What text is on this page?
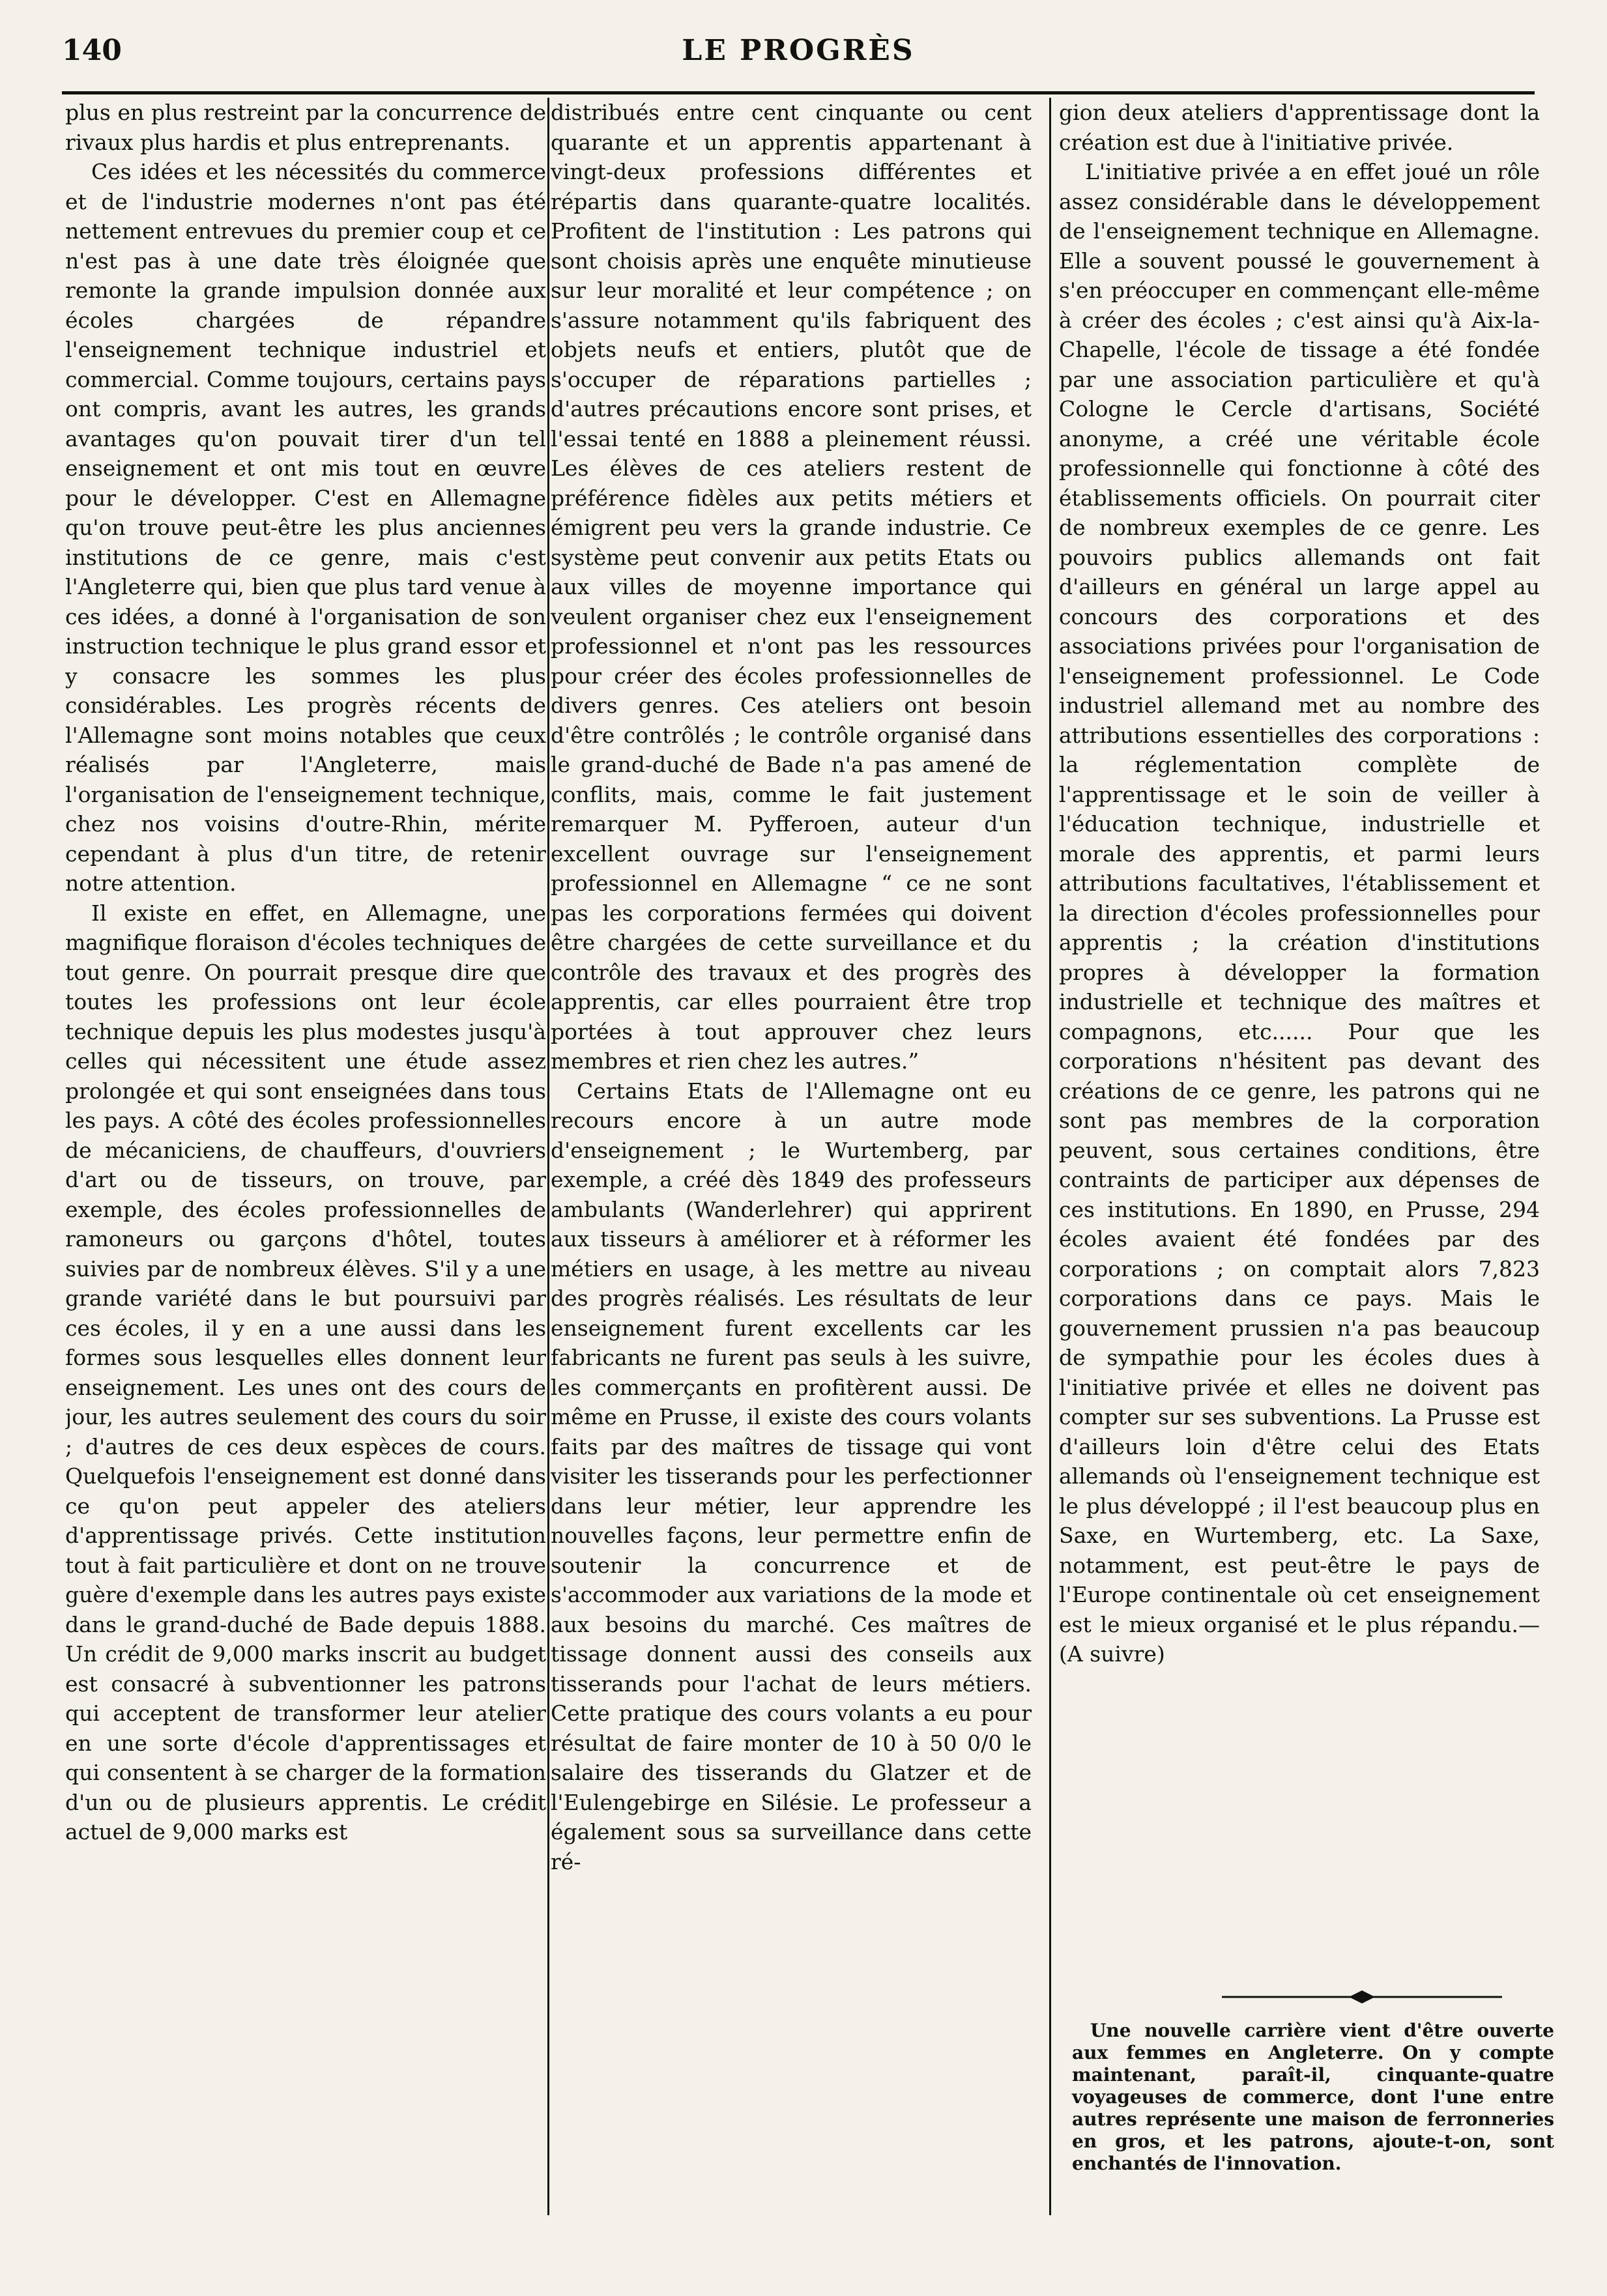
140	LE PROGRÈS

plus en plus restreint par la concurrence de rivaux plus hardis et plus entreprenants.

Ces idées et les nécessités du commerce et de l'industrie modernes n'ont pas été nettement entrevues du premier coup et ce n'est pas à une date très éloignée que remonte la grande impulsion donnée aux écoles chargées de répandre l'enseignement technique industriel et commercial. Comme toujours, certains pays ont compris, avant les autres, les grands avantages qu'on pouvait tirer d'un tel enseignement et ont mis tout en œuvre pour le développer. C'est en Allemagne qu'on trouve peut-être les plus anciennes institutions de ce genre, mais c'est l'Angleterre qui, bien que plus tard venue à ces idées, a donné à l'organisation de son instruction technique le plus grand essor et y consacre les sommes les plus considérables. Les progrès récents de l'Allemagne sont moins notables que ceux réalisés par l'Angleterre, mais l'organisation de l'enseignement technique, chez nos voisins d'outre-Rhin, mérite cependant à plus d'un titre, de retenir notre attention.

Il existe en effet, en Allemagne, une magnifique floraison d'écoles techniques de tout genre. On pourrait presque dire que toutes les professions ont leur école technique depuis les plus modestes jusqu'à celles qui nécessitent une étude assez prolongée et qui sont enseignées dans tous les pays. A côté des écoles professionnelles de mécaniciens, de chauffeurs, d'ouvriers d'art ou de tisseurs, on trouve, par exemple, des écoles professionnelles de ramoneurs ou garçons d'hôtel, toutes suivies par de nombreux élèves. S'il y a une grande variété dans le but poursuivi par ces écoles, il y en a une aussi dans les formes sous lesquelles elles donnent leur enseignement. Les unes ont des cours de jour, les autres seulement des cours du soir ; d'autres de ces deux espèces de cours. Quelquefois l'enseignement est donné dans ce qu'on peut appeler des ateliers d'apprentissage privés. Cette institution tout à fait particulière et dont on ne trouve guère d'exemple dans les autres pays existe dans le grand-duché de Bade depuis 1888. Un crédit de 9,000 marks inscrit au budget est consacré à subventionner les patrons qui acceptent de transformer leur atelier en une sorte d'école d'apprentissages et qui consentent à se charger de la formation d'un ou de plusieurs apprentis. Le crédit actuel de 9,000 marks est

distribués entre cent cinquante ou cent quarante et un apprentis appartenant à vingt-deux professions différentes et répartis dans quarante-quatre localités. Profitent de l'institution : Les patrons qui sont choisis après une enquête minutieuse sur leur moralité et leur compétence ; on s'assure notamment qu'ils fabriquent des objets neufs et entiers, plutôt que de s'occuper de réparations partielles ; d'autres précautions encore sont prises, et l'essai tenté en 1888 a pleinement réussi. Les élèves de ces ateliers restent de préférence fidèles aux petits métiers et émigrent peu vers la grande industrie. Ce système peut convenir aux petits Etats ou aux villes de moyenne importance qui veulent organiser chez eux l'enseignement professionnel et n'ont pas les ressources pour créer des écoles professionnelles de divers genres. Ces ateliers ont besoin d'être contrôlés ; le contrôle organisé dans le grand-duché de Bade n'a pas amené de conflits, mais, comme le fait justement remarquer M. Pyfferoen, auteur d'un excellent ouvrage sur l'enseignement professionnel en Allemagne “ ce ne sont pas les corporations fermées qui doivent être chargées de cette surveillance et du contrôle des travaux et des progrès des apprentis, car elles pourraient être trop portées à tout approuver chez leurs membres et rien chez les autres.”

Certains Etats de l'Allemagne ont eu recours encore à un autre mode d'enseignement ; le Wurtemberg, par exemple, a créé dès 1849 des professeurs ambulants (Wanderlehrer) qui apprirent aux tisseurs à améliorer et à réformer les métiers en usage, à les mettre au niveau des progrès réalisés. Les résultats de leur enseignement furent excellents car les fabricants ne furent pas seuls à les suivre, les commerçants en profitèrent aussi. De même en Prusse, il existe des cours volants faits par des maîtres de tissage qui vont visiter les tisserands pour les perfectionner dans leur métier, leur apprendre les nouvelles façons, leur permettre enfin de soutenir la concurrence et de s'accommoder aux variations de la mode et aux besoins du marché. Ces maîtres de tissage donnent aussi des conseils aux tisserands pour l'achat de leurs métiers. Cette pratique des cours volants a eu pour résultat de faire monter de 10 à 50 0/0 le salaire des tisserands du Glatzer et de l'Eulengebirge en Silésie. Le professeur a également sous sa surveillance dans cette ré-

gion deux ateliers d'apprentissage dont la création est due à l'initiative privée.

L'initiative privée a en effet joué un rôle assez considérable dans le développement de l'enseignement technique en Allemagne. Elle a souvent poussé le gouvernement à s'en préoccuper en commençant elle-même à créer des écoles ; c'est ainsi qu'à Aix-la-Chapelle, l'école de tissage a été fondée par une association particulière et qu'à Cologne le Cercle d'artisans, Société anonyme, a créé une véritable école professionnelle qui fonctionne à côté des établissements officiels. On pourrait citer de nombreux exemples de ce genre. Les pouvoirs publics allemands ont fait d'ailleurs en général un large appel au concours des corporations et des associations privées pour l'organisation de l'enseignement professionnel. Le Code industriel allemand met au nombre des attributions essentielles des corporations : la réglementation complète de l'apprentissage et le soin de veiller à l'éducation technique, industrielle et morale des apprentis, et parmi leurs attributions facultatives, l'établissement et la direction d'écoles professionnelles pour apprentis ; la création d'institutions propres à développer la formation industrielle et technique des maîtres et compagnons, etc...... Pour que les corporations n'hésitent pas devant des créations de ce genre, les patrons qui ne sont pas membres de la corporation peuvent, sous certaines conditions, être contraints de participer aux dépenses de ces institutions. En 1890, en Prusse, 294 écoles avaient été fondées par des corporations ; on comptait alors 7,823 corporations dans ce pays. Mais le gouvernement prussien n'a pas beaucoup de sympathie pour les écoles dues à l'initiative privée et elles ne doivent pas compter sur ses subventions. La Prusse est d'ailleurs loin d'être celui des Etats allemands où l'enseignement technique est le plus développé ; il l'est beaucoup plus en Saxe, en Wurtemberg, etc. La Saxe, notamment, est peut-être le pays de l'Europe continentale où cet enseignement est le mieux organisé et le plus répandu.—(A suivre)

Une nouvelle carrière vient d'être ouverte aux femmes en Angleterre. On y compte maintenant, paraît-il, cinquante-quatre voyageuses de commerce, dont l'une entre autres représente une maison de ferronneries en gros, et les patrons, ajoute-t-on, sont enchantés de l'innovation.
